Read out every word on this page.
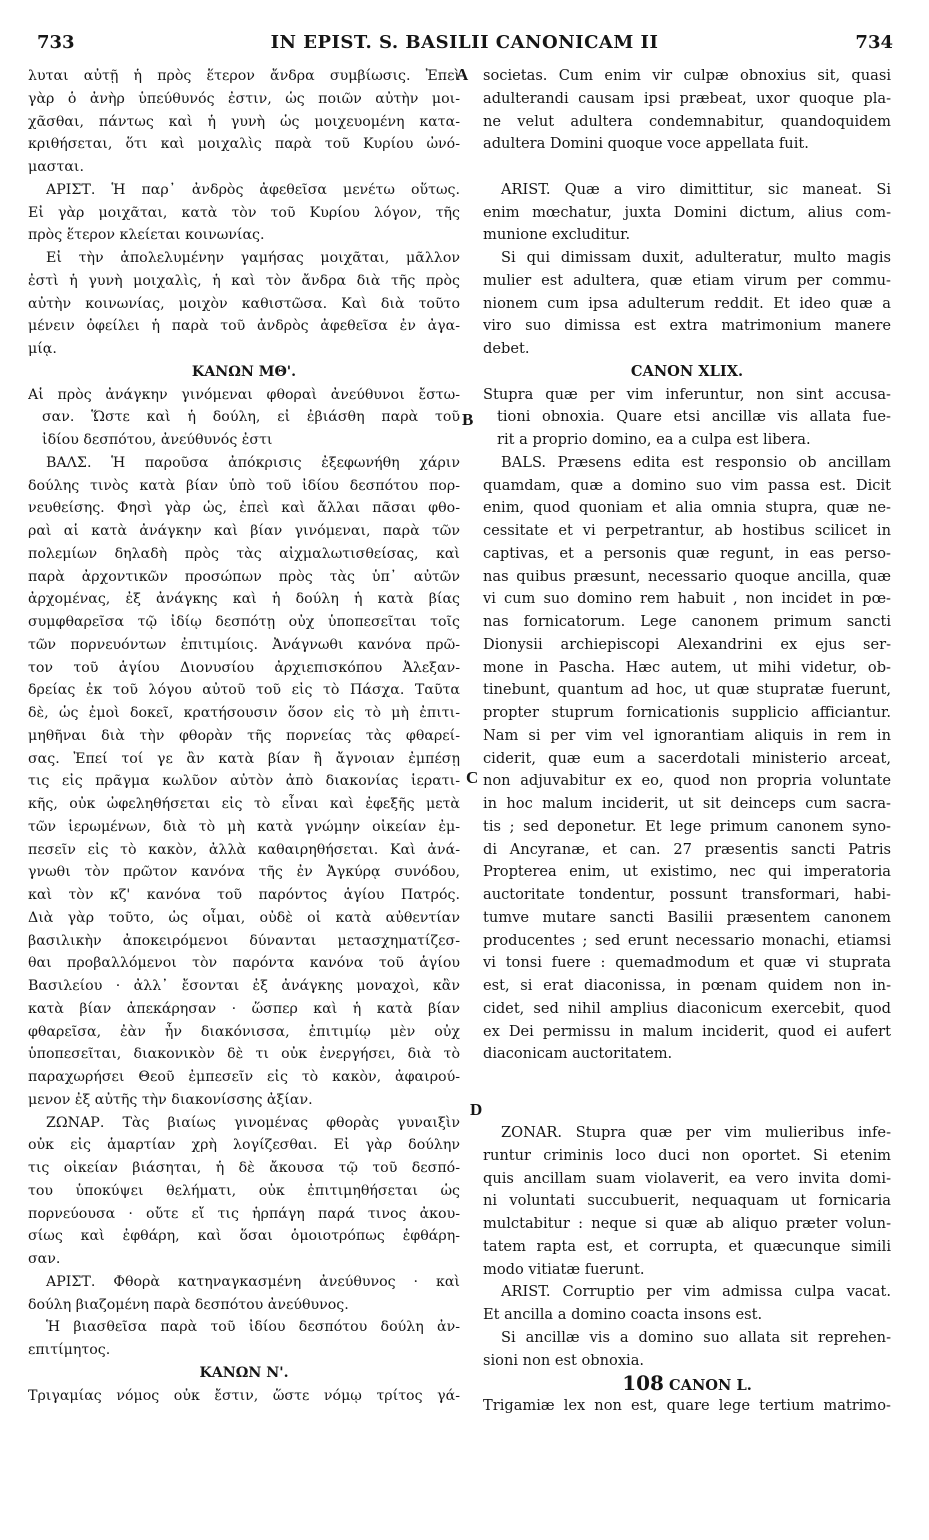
733	IN EPIST. S. BASILII CANONICAM II	734
A
B
C
D
λυται αὐτῇ ἡ πρὸς ἕτερον ἄνδρα συμβίωσις. Ἐπεὶ
γὰρ ὁ ἀνὴρ ὑπεύθυνός ἐστιν, ὡς ποιῶν αὐτὴν μοι-
χᾶσθαι, πάντως καὶ ἡ γυνὴ ὡς μοιχευομένη κατα-
κριθήσεται, ὅτι καὶ μοιχαλὶς παρὰ τοῦ Κυρίου ὠνό-
μασται.
ΑΡΙΣΤ. Ἡ παρ᾽ ἀνδρὸς ἀφεθεῖσα μενέτω οὕτως.
Εἰ γὰρ μοιχᾶται, κατὰ τὸν τοῦ Κυρίου λόγον, τῆς
πρὸς ἕτερον κλείεται κοινωνίας.
Εἰ τὴν ἀπολελυμένην γαμήσας μοιχᾶται, μᾶλλον
ἐστὶ ἡ γυνὴ μοιχαλὶς, ἡ καὶ τὸν ἄνδρα διὰ τῆς πρὸς
αὐτὴν κοινωνίας, μοιχὸν καθιστῶσα. Καὶ διὰ τοῦτο
μένειν ὀφείλει ἡ παρὰ τοῦ ἀνδρὸς ἀφεθεῖσα ἐν ἀγα-
μίᾳ.
ΚΑΝΩΝ ΜΘ'.
Αἱ πρὸς ἀνάγκην γινόμεναι φθοραὶ ἀνεύθυνοι ἔστω-
σαν. Ὥστε καὶ ἡ δούλη, εἰ ἐβιάσθη παρὰ τοῦ
ἰδίου δεσπότου, ἀνεύθυνός ἐστι
ΒΑΛΣ. Ἡ παροῦσα ἀπόκρισις ἐξεφωνήθη χάριν
δούλης τινὸς κατὰ βίαν ὑπὸ τοῦ ἰδίου δεσπότου πορ-
νευθείσης. Φησὶ γὰρ ὡς, ἐπεὶ καὶ ἄλλαι πᾶσαι φθο-
ραὶ αἱ κατὰ ἀνάγκην καὶ βίαν γινόμεναι, παρὰ τῶν
πολεμίων δηλαδὴ πρὸς τὰς αἰχμαλωτισθείσας, καὶ
παρὰ ἀρχοντικῶν προσώπων πρὸς τὰς ὑπ᾽ αὐτῶν
ἀρχομένας, ἐξ ἀνάγκης καὶ ἡ δούλη ἡ κατὰ βίας
συμφθαρεῖσα τῷ ἰδίῳ δεσπότῃ οὐχ ὑποπεσεῖται τοῖς
τῶν πορνευόντων ἐπιτιμίοις. Ἀνάγνωθι κανόνα πρῶ-
τον τοῦ ἁγίου Διονυσίου ἀρχιεπισκόπου Ἀλεξαν-
δρείας ἐκ τοῦ λόγου αὐτοῦ τοῦ εἰς τὸ Πάσχα. Ταῦτα
δὲ, ὡς ἐμοὶ δοκεῖ, κρατήσουσιν ὅσον εἰς τὸ μὴ ἐπιτι-
μηθῆναι διὰ τὴν φθορὰν τῆς πορνείας τὰς φθαρεί-
σας. Ἐπεί τοί γε ἂν κατὰ βίαν ἢ ἄγνοιαν ἐμπέσῃ
τις εἰς πρᾶγμα κωλῦον αὐτὸν ἀπὸ διακονίας ἱερατι-
κῆς, οὐκ ὠφεληθήσεται εἰς τὸ εἶναι καὶ ἐφεξῆς μετὰ
τῶν ἱερωμένων, διὰ τὸ μὴ κατὰ γνώμην οἰκείαν ἐμ-
πεσεῖν εἰς τὸ κακὸν, ἀλλὰ καθαιρηθήσεται. Καὶ ἀνά-
γνωθι τὸν πρῶτον κανόνα τῆς ἐν Ἀγκύρᾳ συνόδου,
καὶ τὸν κζ' κανόνα τοῦ παρόντος ἁγίου Πατρός.
Διὰ γὰρ τοῦτο, ὡς οἶμαι, οὐδὲ οἱ κατὰ αὐθεντίαν
βασιλικὴν ἀποκειρόμενοι δύνανται μετασχηματίζεσ-
θαι προβαλλόμενοι τὸν παρόντα κανόνα τοῦ ἁγίου
Βασιλείου · ἀλλ᾽ ἔσονται ἐξ ἀνάγκης μοναχοὶ, κἂν
κατὰ βίαν ἀπεκάρησαν · ὥσπερ καὶ ἡ κατὰ βίαν
φθαρεῖσα, ἐὰν ἦν διακόνισσα, ἐπιτιμίῳ μὲν οὐχ
ὑποπεσεῖται, διακονικὸν δὲ τι οὐκ ἐνεργήσει, διὰ τὸ
παραχωρήσει Θεοῦ ἐμπεσεῖν εἰς τὸ κακὸν, ἀφαιρού-
μενον ἐξ αὐτῆς τὴν διακονίσσης ἀξίαν.
ΖΩΝΑΡ. Τὰς βιαίως γινομένας φθορὰς γυναιξὶν
οὐκ εἰς ἁμαρτίαν χρὴ λογίζεσθαι. Εἰ γὰρ δούλην
τις οἰκείαν βιάσηται, ἡ δὲ ἄκουσα τῷ τοῦ δεσπό-
του ὑποκύψει θελήματι, οὐκ ἐπιτιμηθήσεται ὡς
πορνεύουσα · οὔτε εἴ τις ἡρπάγη παρά τινος ἀκου-
σίως καὶ ἐφθάρη, καὶ ὅσαι ὁμοιοτρόπως ἐφθάρη-
σαν.
ΑΡΙΣΤ. Φθορὰ κατηναγκασμένη ἀνεύθυνος · καὶ
δούλη βιαζομένη παρὰ δεσπότου ἀνεύθυνος.
Ἡ βιασθεῖσα παρὰ τοῦ ἰδίου δεσπότου δούλη ἀν-
επιτίμητος.
ΚΑΝΩΝ Ν'.
Τριγαμίας νόμος οὐκ ἔστιν, ὥστε νόμῳ τρίτος γά-
societas. Cum enim vir culpæ obnoxius sit, quasi
adulterandi causam ipsi præbeat, uxor quoque pla-
ne velut adultera condemnabitur, quandoquidem
adultera Domini quoque voce appellata fuit.
ARIST. Quæ a viro dimittitur, sic maneat. Si
enim mœchatur, juxta Domini dictum, alius com-
munione excluditur.
Si qui dimissam duxit, adulteratur, multo magis
mulier est adultera, quæ etiam virum per commu-
nionem cum ipsa adulterum reddit. Et ideo quæ a
viro suo dimissa est extra matrimonium manere
debet.
CANON XLIX.
Stupra quæ per vim inferuntur, non sint accusa-
tioni obnoxia. Quare etsi ancillæ vis allata fue-
rit a proprio domino, ea a culpa est libera.
BALS. Præsens edita est responsio ob ancillam
quamdam, quæ a domino suo vim passa est. Dicit
enim, quod quoniam et alia omnia stupra, quæ ne-
cessitate et vi perpetrantur, ab hostibus scilicet in
captivas, et a personis quæ regunt, in eas perso-
nas quibus præsunt, necessario quoque ancilla, quæ
vi cum suo domino rem habuit , non incidet in pœ-
nas fornicatorum. Lege canonem primum sancti
Dionysii archiepiscopi Alexandrini ex ejus ser-
mone in Pascha. Hæc autem, ut mihi videtur, ob-
tinebunt, quantum ad hoc, ut quæ stupratæ fuerunt,
propter stuprum fornicationis supplicio afficiantur.
Nam si per vim vel ignorantiam aliquis in rem in
ciderit, quæ eum a sacerdotali ministerio arceat,
non adjuvabitur ex eo, quod non propria voluntate
in hoc malum inciderit, ut sit deinceps cum sacra-
tis ; sed deponetur. Et lege primum canonem syno-
di Ancyranæ, et can. 27 præsentis sancti Patris
Propterea enim, ut existimo, nec qui imperatoria
auctoritate tondentur, possunt transformari, habi-
tumve mutare sancti Basilii præsentem canonem
producentes ; sed erunt necessario monachi, etiamsi
vi tonsi fuere : quemadmodum et quæ vi stuprata
est, si erat diaconissa, in pœnam quidem non in-
cidet, sed nihil amplius diaconicum exercebit, quod
ex Dei permissu in malum inciderit, quod ei aufert
diaconicam auctoritatem.
ZONAR. Stupra quæ per vim mulieribus infe-
runtur criminis loco duci non oportet. Si etenim
quis ancillam suam violaverit, ea vero invita domi-
ni voluntati succubuerit, nequaquam ut fornicaria
mulctabitur : neque si quæ ab aliquo præter volun-
tatem rapta est, et corrupta, et quæcunque simili
modo vitiatæ fuerunt.
ARIST. Corruptio per vim admissa culpa vacat.
Et ancilla a domino coacta insons est.
Si ancillæ vis a domino suo allata sit reprehen-
sioni non est obnoxia.
108 CANON L.
Trigamiæ lex non est, quare lege tertium matrimo-
